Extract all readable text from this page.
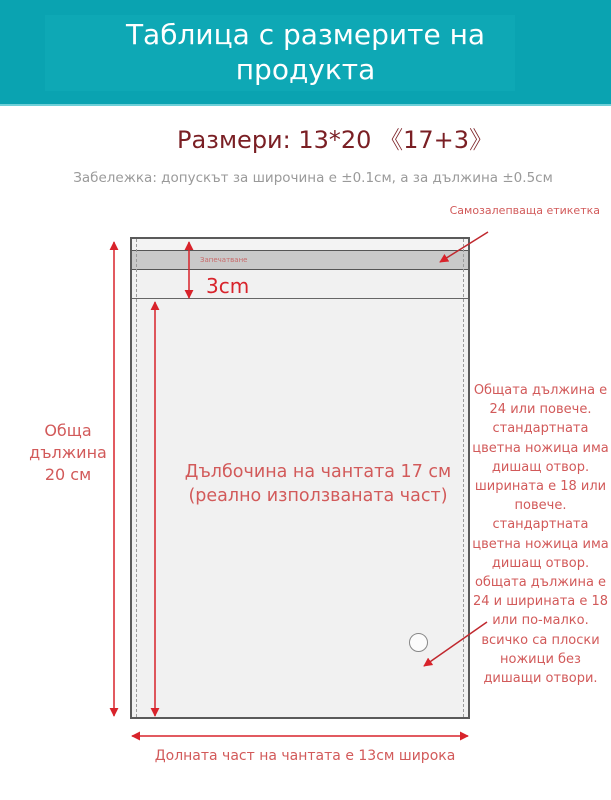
Таблица с размерите на
продукта
Размери: 13*20 《17+3》
Забележка: допускът за широчина е ±0.1см, а за дължина ±0.5см
Запечатване
3cm
Самозалепваща етикетка
Обща
дължина
20 см	Дълбочина на чантата 17 см
(реално използваната част)
Общата дължина е 24 или повече. стандартната цветна ножица има дишащ отвор. ширината е 18 или повече. стандартната цветна ножица има дишащ отвор. общата дължина е 24 и ширината е 18 или по-малко. всичко са плоски ножици без дишащи отвори.
Долната част на чантата е 13см широка
